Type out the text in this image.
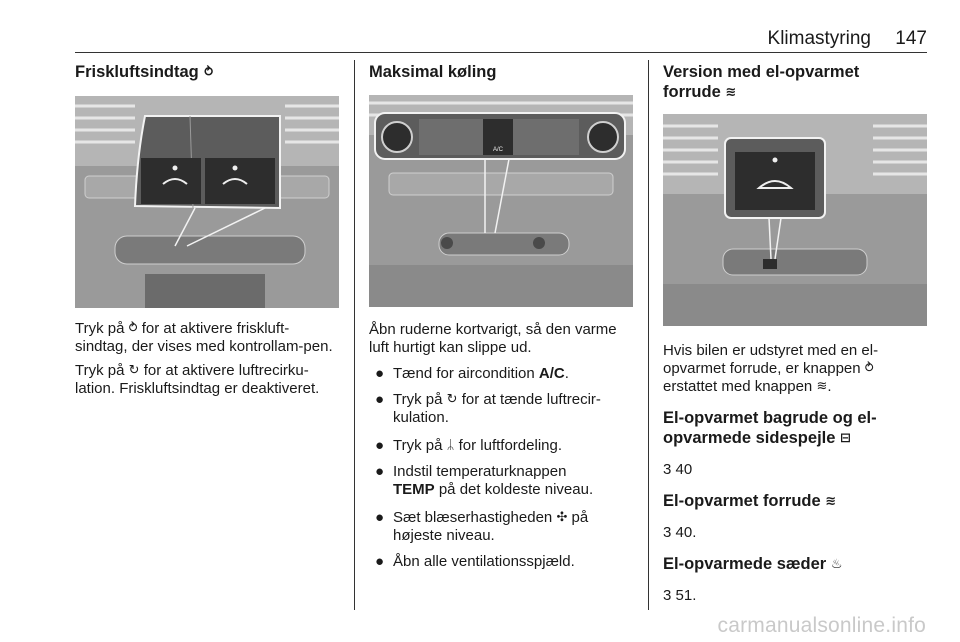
Klimastyring 147
Friskluftsindtag ⥁

Tryk på ⥁ for at aktivere friskluft-sindtag, der vises med kontrollam-pen.

Tryk på ↻ for at aktivere luftrecirku-lation. Friskluftsindtag er deaktiveret.

Maksimal køling
A/C

Åbn ruderne kortvarigt, så den varme luft hurtigt kan slippe ud.

● Tænd for aircondition A/C.
● Tryk på ↻ for at tænde luftrecir-kulation.
● Tryk på ᛦ for luftfordeling.
● Indstil temperaturknappen
TEMP på det koldeste niveau.
● Sæt blæserhastigheden ✣ på højeste niveau.
● Åbn alle ventilationsspjæld.
Version med el-opvarmet forrude ≋

Hvis bilen er udstyret med en el-opvarmet forrude, er knappen ⥁ erstattet med knappen ≋.

El-opvarmet bagrude og el-opvarmede sidespejle ⊟

3 40

El-opvarmet forrude ≋

3 40.

El-opvarmede sæder ♨

3 51.

carmanualsonline.info
